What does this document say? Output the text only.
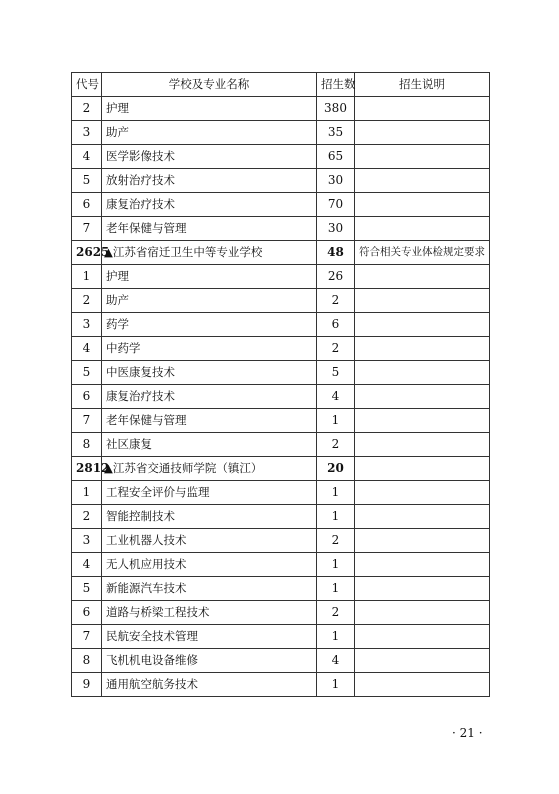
代号	学校及专业名称	招生数	招生说明
2	护理	380	
3	助产	35	
4	医学影像技术	65	
5	放射治疗技术	30	
6	康复治疗技术	70	
7	老年保健与管理	30	
2625	▲江苏省宿迁卫生中等专业学校	48	符合相关专业体检规定要求
1	护理	26	
2	助产	2	
3	药学	6	
4	中药学	2	
5	中医康复技术	5	
6	康复治疗技术	4	
7	老年保健与管理	1	
8	社区康复	2	
2812	▲江苏省交通技师学院（镇江）	20	
1	工程安全评价与监理	1	
2	智能控制技术	1	
3	工业机器人技术	2	
4	无人机应用技术	1	
5	新能源汽车技术	1	
6	道路与桥梁工程技术	2	
7	民航安全技术管理	1	
8	飞机机电设备维修	4	
9	通用航空航务技术	1	
· 21 ·
